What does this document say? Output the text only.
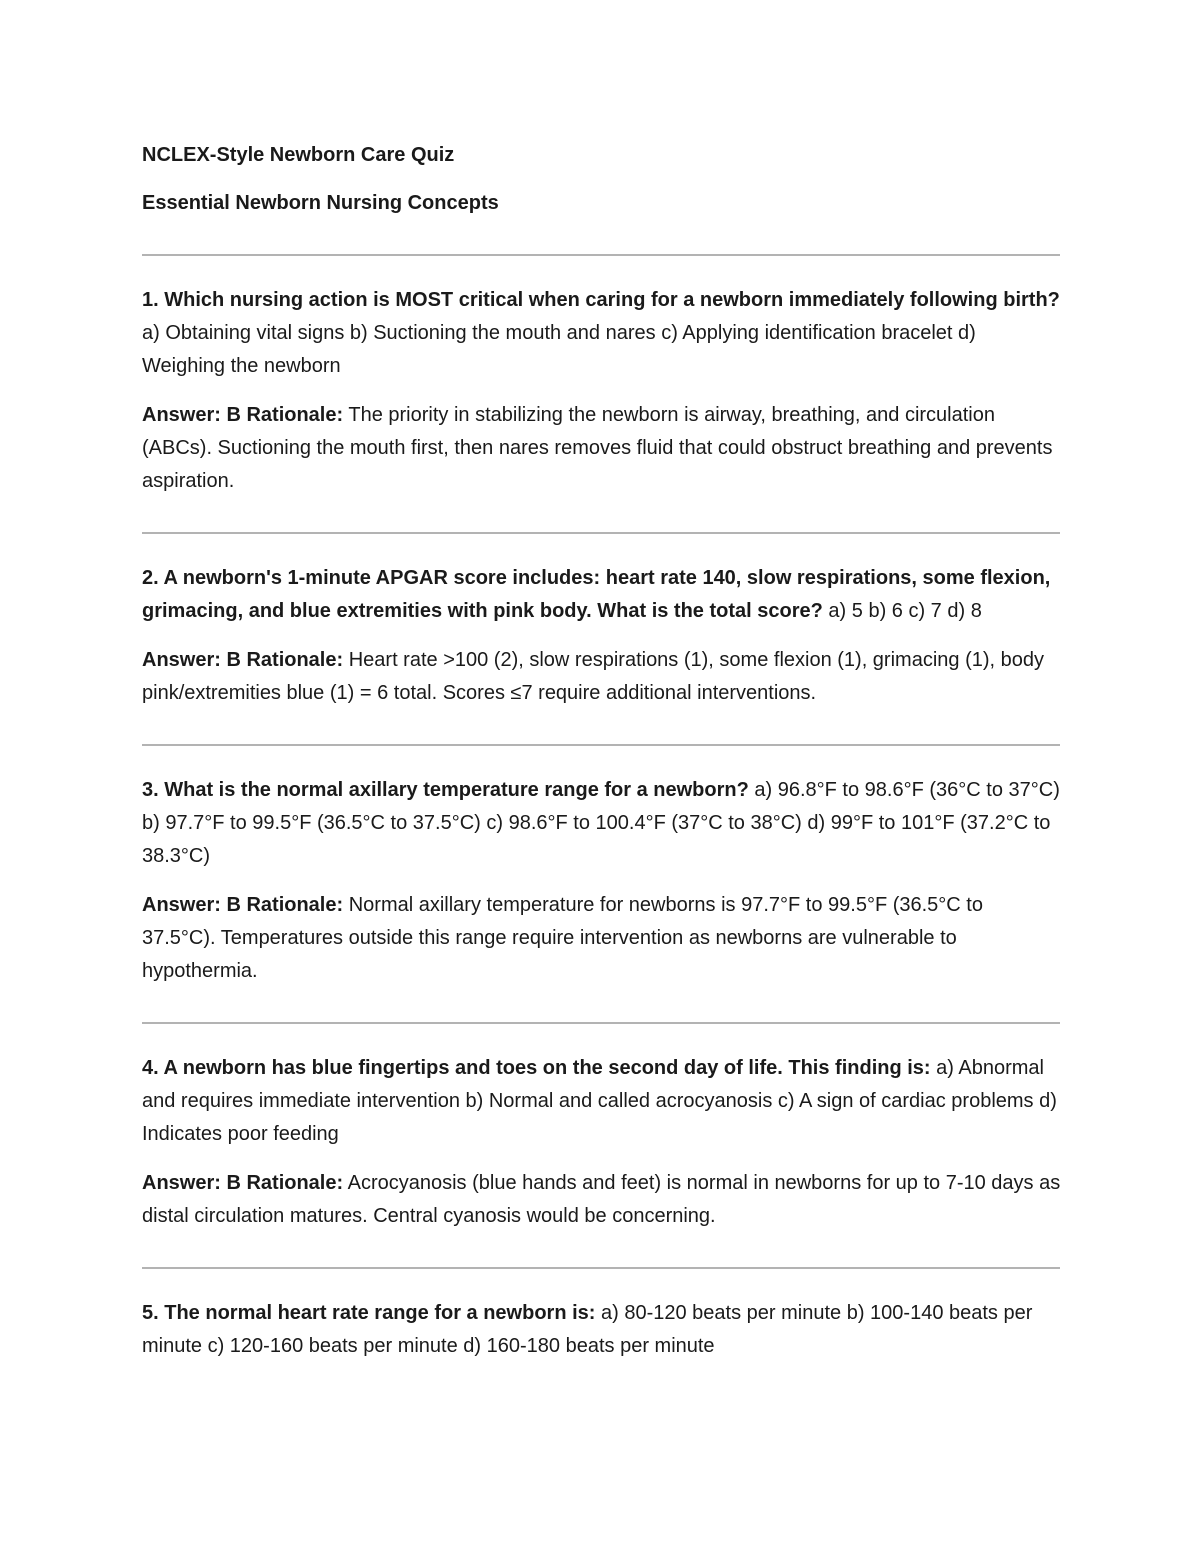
NCLEX-Style Newborn Care Quiz

Essential Newborn Nursing Concepts

1. Which nursing action is MOST critical when caring for a newborn immediately following birth? a) Obtaining vital signs b) Suctioning the mouth and nares c) Applying identification bracelet d) Weighing the newborn

Answer: B Rationale: The priority in stabilizing the newborn is airway, breathing, and circulation (ABCs). Suctioning the mouth first, then nares removes fluid that could obstruct breathing and prevents aspiration.

2. A newborn's 1-minute APGAR score includes: heart rate 140, slow respirations, some flexion, grimacing, and blue extremities with pink body. What is the total score? a) 5 b) 6 c) 7 d) 8

Answer: B Rationale: Heart rate >100 (2), slow respirations (1), some flexion (1), grimacing (1), body pink/extremities blue (1) = 6 total. Scores ≤7 require additional interventions.

3. What is the normal axillary temperature range for a newborn? a) 96.8°F to 98.6°F (36°C to 37°C) b) 97.7°F to 99.5°F (36.5°C to 37.5°C) c) 98.6°F to 100.4°F (37°C to 38°C) d) 99°F to 101°F (37.2°C to 38.3°C)

Answer: B Rationale: Normal axillary temperature for newborns is 97.7°F to 99.5°F (36.5°C to 37.5°C). Temperatures outside this range require intervention as newborns are vulnerable to hypothermia.

4. A newborn has blue fingertips and toes on the second day of life. This finding is: a) Abnormal and requires immediate intervention b) Normal and called acrocyanosis c) A sign of cardiac problems d) Indicates poor feeding

Answer: B Rationale: Acrocyanosis (blue hands and feet) is normal in newborns for up to 7-10 days as distal circulation matures. Central cyanosis would be concerning.

5. The normal heart rate range for a newborn is: a) 80-120 beats per minute b) 100-140 beats per minute c) 120-160 beats per minute d) 160-180 beats per minute
